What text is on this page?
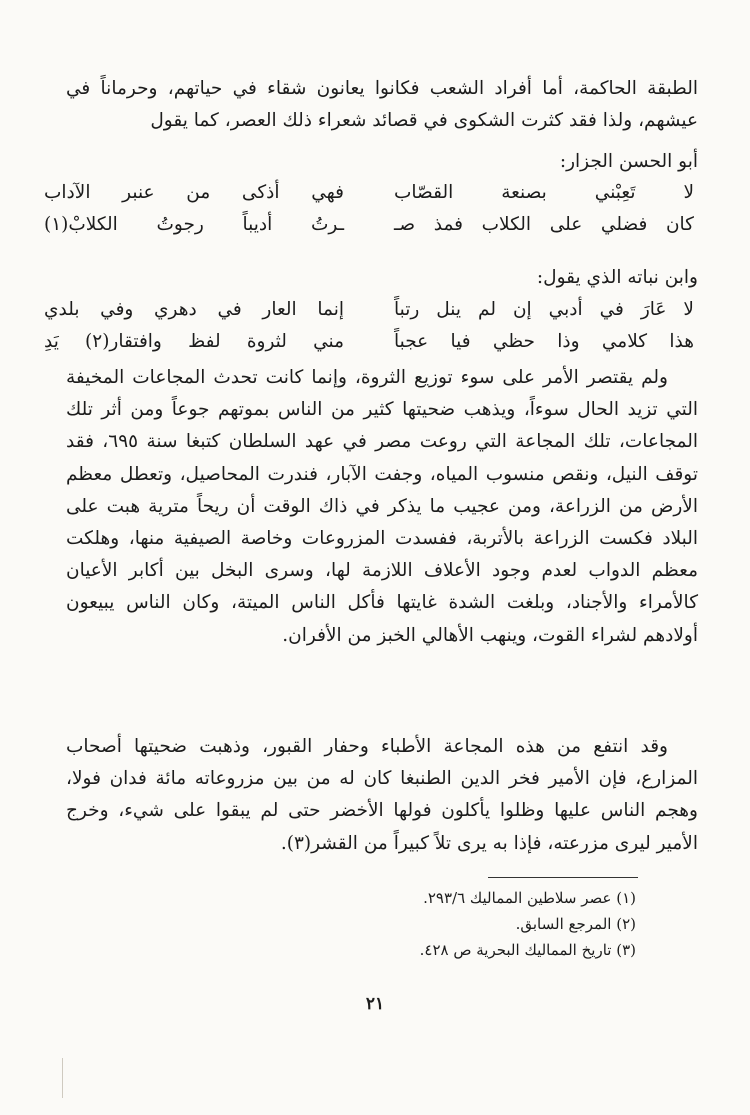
الطبقة الحاكمة، أما أفراد الشعب فكانوا يعانون شقاء في حياتهم، وحرماناً في عيشهم، ولذا فقد كثرت الشكوى في قصائد شعراء ذلك العصر، كما يقول

أبو الحسن الجزار:
لا تَعِبْني بصنعة القصّاب
فهي أذكى من عنبر الآداب
كان فضلي على الكلاب فمذ صـ
ـرتُ أديباً رجوتُ الكلابْ(١)
وابن نباته الذي يقول:
لا عَارَ في أدبي إن لم ينل رتباً
إنما العار في دهري وفي بلدي
هذا كلامي وذا حظي فيا عجباً
مني لثروة لفظ وافتقار(٢) يَدِ

ولم يقتصر الأمر على سوء توزيع الثروة، وإنما كانت تحدث المجاعات المخيفة التي تزيد الحال سوءاً، ويذهب ضحيتها كثير من الناس بموتهم جوعاً ومن أثر تلك المجاعات، تلك المجاعة التي روعت مصر في عهد السلطان كتبغا سنة ٦٩٥، فقد توقف النيل، ونقص منسوب المياه، وجفت الآبار، فندرت المحاصيل، وتعطل معظم الأرض من الزراعة، ومن عجيب ما يذكر في ذاك الوقت أن ريحاً مترية هبت على البلاد فكست الزراعة بالأتربة، ففسدت المزروعات وخاصة الصيفية منها، وهلكت معظم الدواب لعدم وجود الأعلاف اللازمة لها، وسرى البخل بين أكابر الأعيان كالأمراء والأجناد، وبلغت الشدة غايتها فأكل الناس الميتة، وكان الناس يبيعون أولادهم لشراء القوت، وينهب الأهالي الخبز من الأفران.

وقد انتفع من هذه المجاعة الأطباء وحفار القبور، وذهبت ضحيتها أصحاب المزارع، فإن الأمير فخر الدين الطنبغا كان له من بين مزروعاته مائة فدان فولا، وهجم الناس عليها وظلوا يأكلون فولها الأخضر حتى لم يبقوا على شيء، وخرج الأمير ليرى مزرعته، فإذا به يرى تلاً كبيراً من القشر(٣).

(١) عصر سلاطين المماليك ٢٩٣/٦.
(٢) المرجع السابق.
(٣) تاريخ المماليك البحرية ص ٤٢٨.
٢١
